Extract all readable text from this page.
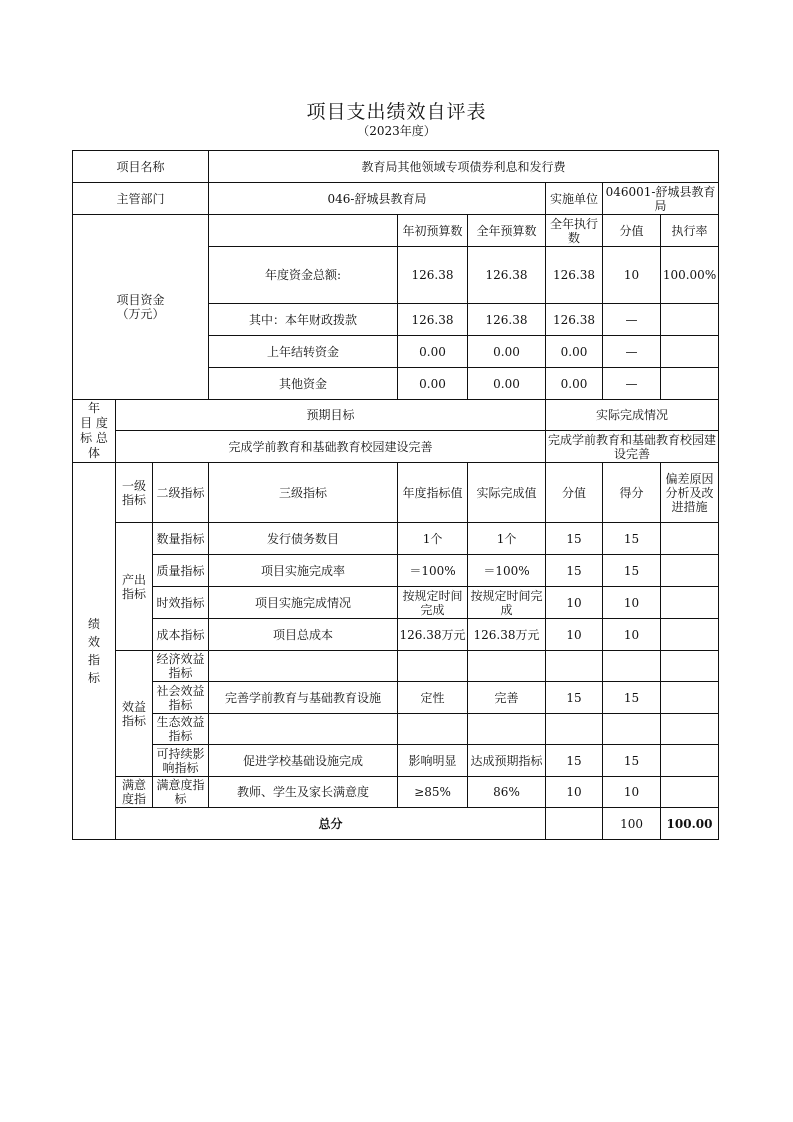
项目支出绩效自评表
（2023年度）
项目名称			教育局其他领域专项债券利息和发行费						
主管部门			046-舒城县教育局			实施单位	046001-舒城县教育局		
项目资金
（万元）				年初预算数	全年预算数	全年执行数	分值	执行率	
			年度资金总额:	126.38	126.38	126.38	10	100.00%	
			其中：本年财政拨款	126.38	126.38	126.38	—		
			上年结转资金	0.00	0.00	0.00	—		
			其他资金	0.00	0.00	0.00	—		
年
目 度
标 总
体	预期目标					实际完成情况			
	完成学前教育和基础教育校园建设完善					完成学前教育和基础教育校园建设完善			
绩
效
指
标	一级指标	二级指标	三级指标	年度指标值	实际完成值	分值	得分	偏差原因分析及改进措施	
	产出指标	数量指标	发行债务数目	1个	1个	15	15		
		质量指标	项目实施完成率	＝100%	＝100%	15	15		
		时效指标	项目实施完成情况	按规定时间完成	按规定时间完成	10	10		
		成本指标	项目总成本	126.38万元	126.38万元	10	10		
	效益指标	经济效益指标							
		社会效益指标	完善学前教育与基础教育设施	定性	完善	15	15		
		生态效益指标							
		可持续影响指标	促进学校基础设施完成	影响明显	达成预期指标	15	15		
	满意度指	满意度指标	教师、学生及家长满意度	≥85%	86%	10	10		
	总分						100	100.00	
